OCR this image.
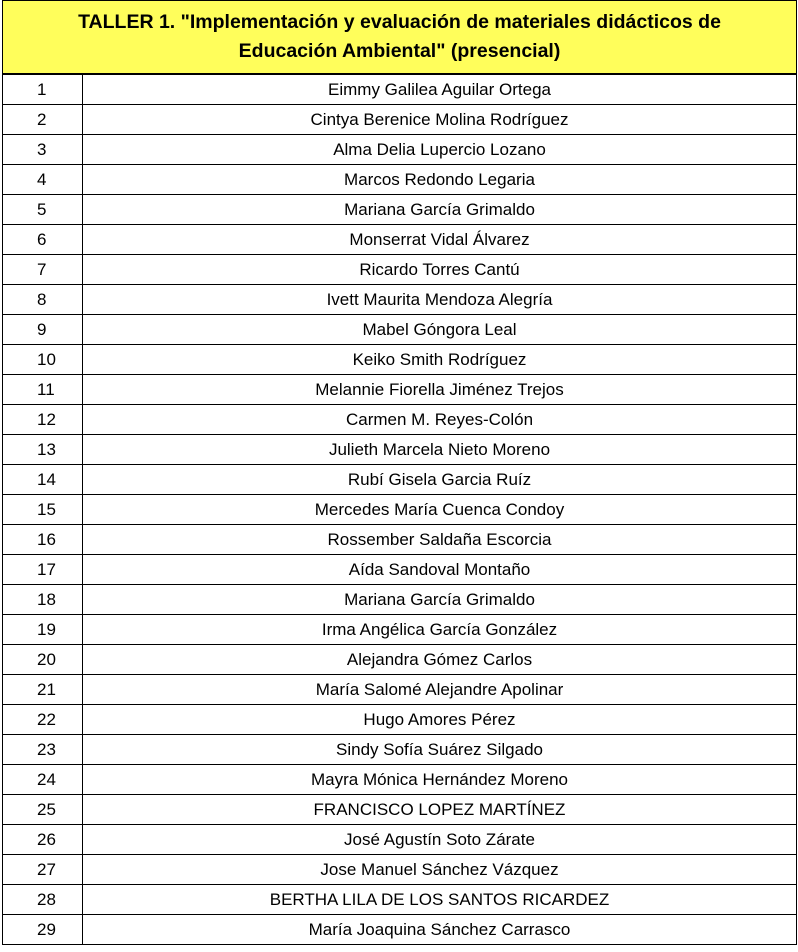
TALLER 1. "Implementación y evaluación de materiales didácticos de
Educación Ambiental" (presencial)	
1	Eimmy Galilea Aguilar Ortega
2	Cintya Berenice Molina Rodríguez
3	Alma Delia Lupercio Lozano
4	Marcos Redondo Legaria
5	Mariana García Grimaldo
6	Monserrat Vidal Álvarez
7	Ricardo Torres Cantú
8	Ivett Maurita Mendoza Alegría
9	Mabel Góngora Leal
10	Keiko Smith Rodríguez
11	Melannie Fiorella Jiménez Trejos
12	Carmen M. Reyes-Colón
13	Julieth Marcela Nieto Moreno
14	Rubí Gisela Garcia Ruíz
15	Mercedes María Cuenca Condoy
16	Rossember Saldaña Escorcia
17	Aída Sandoval Montaño
18	Mariana García Grimaldo
19	Irma Angélica García González
20	Alejandra Gómez Carlos
21	María Salomé Alejandre Apolinar
22	Hugo Amores Pérez
23	Sindy Sofía Suárez Silgado
24	Mayra Mónica Hernández Moreno
25	FRANCISCO LOPEZ MARTÍNEZ
26	José Agustín Soto Zárate
27	Jose Manuel Sánchez Vázquez
28	BERTHA LILA DE LOS SANTOS RICARDEZ
29	María Joaquina Sánchez Carrasco
